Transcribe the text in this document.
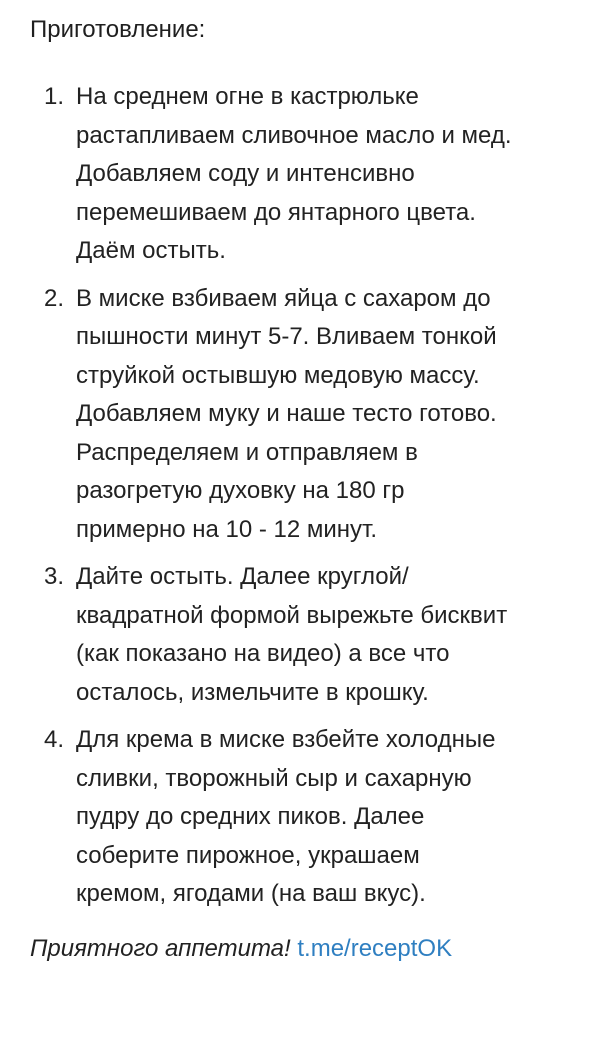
Приготовление:
1. На среднем огне в кастрюльке
растапливаем сливочное масло и мед.
Добавляем соду и интенсивно
перемешиваем до янтарного цвета.
Даём остыть.
2. В миске взбиваем яйца с сахаром до
пышности минут 5-7. Вливаем тонкой
струйкой остывшую медовую массу.
Добавляем муку и наше тесто готово.
Распределяем и отправляем в
разогретую духовку на 180 гр
примерно на 10 - 12 минут.
3. Дайте остыть. Далее круглой/
квадратной формой вырежьте бисквит
(как показано на видео) а все что
осталось, измельчите в крошку.
4. Для крема в миске взбейте холодные
сливки, творожный сыр и сахарную
пудру до средних пиков. Далее
соберите пирожное, украшаем
кремом, ягодами (на ваш вкус).
Приятного аппетита! t.me/receptOK
